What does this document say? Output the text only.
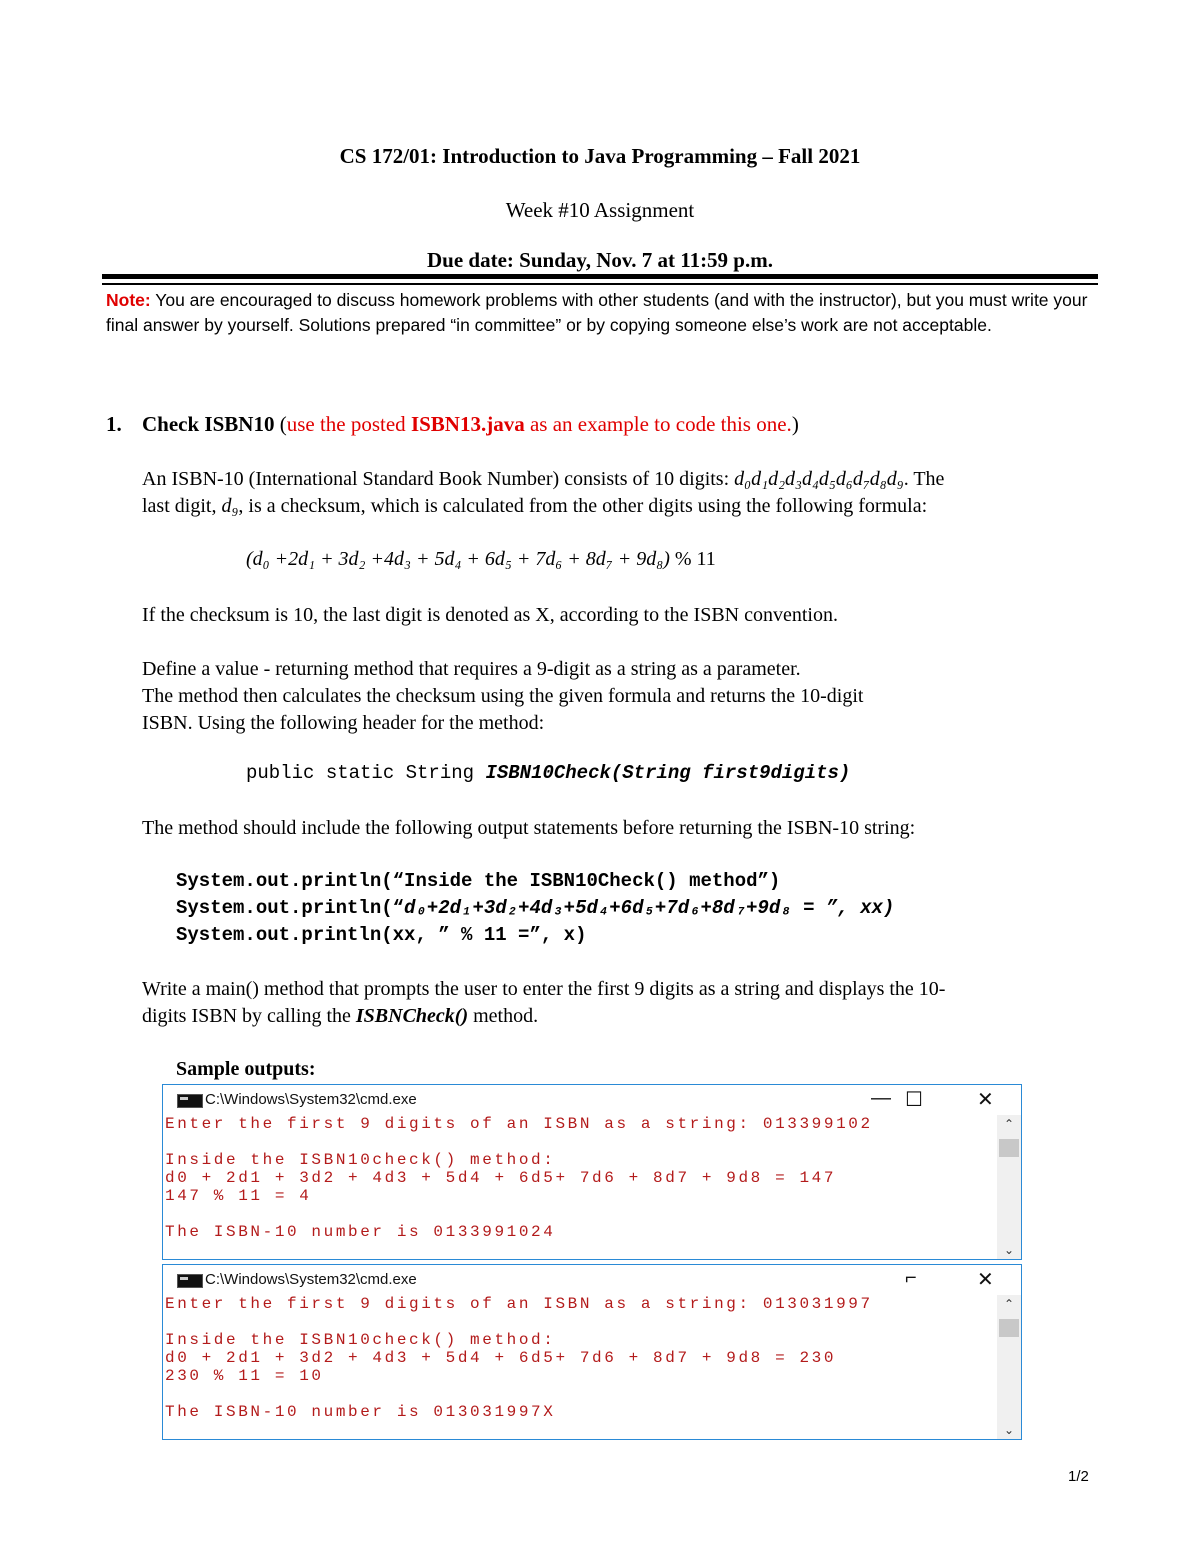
CS 172/01: Introduction to Java Programming – Fall 2021
Week #10 Assignment
Due date: Sunday, Nov. 7 at 11:59 p.m.
Note: You are encouraged to discuss homework problems with other students (and with the instructor), but you must write your final answer by yourself. Solutions prepared “in committee” or by copying someone else’s work are not acceptable.
1. Check ISBN10 (use the posted ISBN13.java as an example to code this one.)
An ISBN-10 (International Standard Book Number) consists of 10 digits: d₀d₁d₂d₃d₄d₅d₆d₇d₈d₉. The
last digit, d₉, is a checksum, which is calculated from the other digits using the following formula:
(d₀ +2d₁ + 3d₂ +4d₃ + 5d₄ + 6d₅ + 7d₆ + 8d₇ + 9d₈) % 11
If the checksum is 10, the last digit is denoted as X, according to the ISBN convention.
Define a value - returning method that requires a 9-digit as a string as a parameter.
The method then calculates the checksum using the given formula and returns the 10-digit
ISBN. Using the following header for the method:
public static String ISBN10Check(String first9digits)
The method should include the following output statements before returning the ISBN-10 string:
System.out.println(“Inside the ISBN10Check() method”)
System.out.println(“d₀+2d₁+3d₂+4d₃+5d₄+6d₅+7d₆+8d₇+9d₈ = ”, xx)
System.out.println(xx, ” % 11 =”, x)
Write a main() method that prompts the user to enter the first 9 digits as a string and displays the 10-
digits ISBN by calling the ISBNCheck() method.
Sample outputs:
C:\Windows\System32\cmd.exe	— ☐	✕
Enter the first 9 digits of an ISBN as a string: 013399102

Inside the ISBN10check() method:
d0 + 2d1 + 3d2 + 4d3 + 5d4 + 6d5+ 7d6 + 8d7 + 9d8 = 147
147 % 11 = 4

The ISBN-10 number is 0133991024
⌃
⌄
C:\Windows\System32\cmd.exe	⌐	✕
Enter the first 9 digits of an ISBN as a string: 013031997

Inside the ISBN10check() method:
d0 + 2d1 + 3d2 + 4d3 + 5d4 + 6d5+ 7d6 + 8d7 + 9d8 = 230
230 % 11 = 10

The ISBN-10 number is 013031997X
⌃
⌄
1/2
